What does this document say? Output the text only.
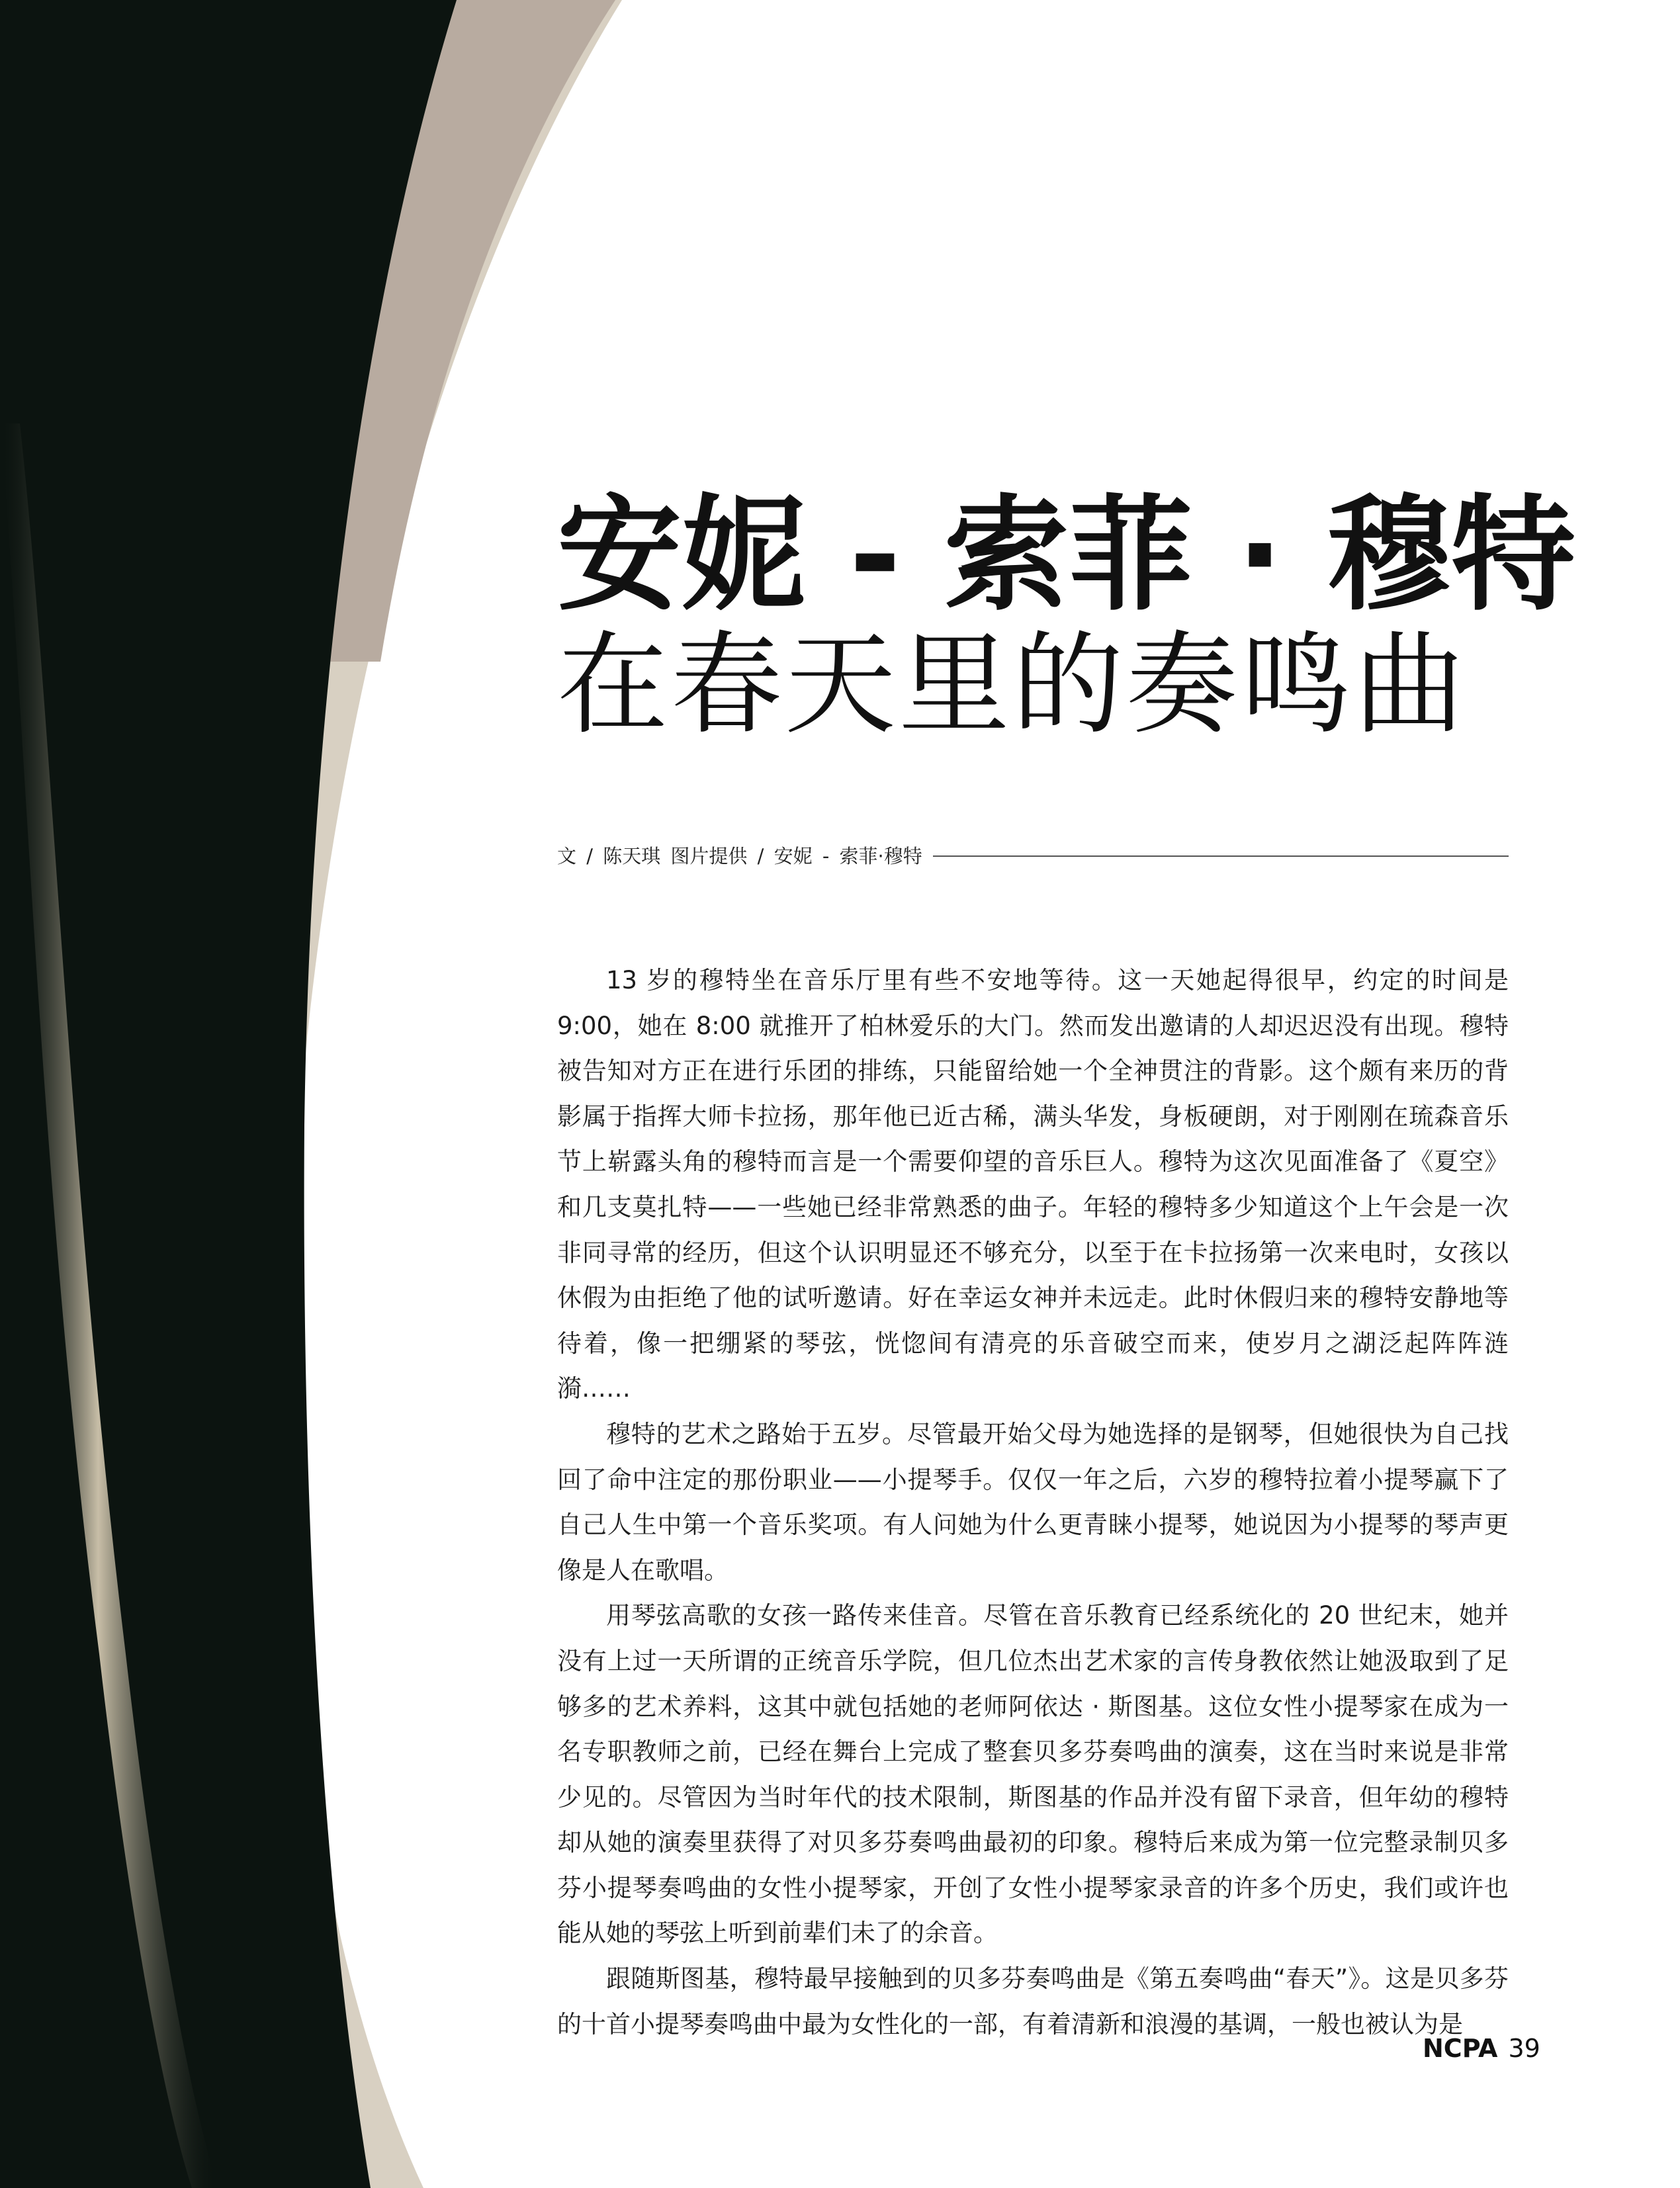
安妮 - 索菲 · 穆特
在春天里的奏鸣曲
文 / 陈天琪 图片提供 / 安妮 - 索菲·穆特

13 岁的穆特坐在音乐厅里有些不安地等待。这一天她起得很早，约定的时间是 9:00，她在 8:00 就推开了柏林爱乐的大门。然而发出邀请的人却迟迟没有出现。穆特被告知对方正在进行乐团的排练，只能留给她一个全神贯注的背影。这个颇有来历的背影属于指挥大师卡拉扬，那年他已近古稀，满头华发，身板硬朗，对于刚刚在琉森音乐节上崭露头角的穆特而言是一个需要仰望的音乐巨人。穆特为这次见面准备了《夏空》和几支莫扎特——一些她已经非常熟悉的曲子。年轻的穆特多少知道这个上午会是一次非同寻常的经历，但这个认识明显还不够充分，以至于在卡拉扬第一次来电时，女孩以休假为由拒绝了他的试听邀请。好在幸运女神并未远走。此时休假归来的穆特安静地等待着，像一把绷紧的琴弦，恍惚间有清亮的乐音破空而来，使岁月之湖泛起阵阵涟漪……

穆特的艺术之路始于五岁。尽管最开始父母为她选择的是钢琴，但她很快为自己找回了命中注定的那份职业——小提琴手。仅仅一年之后，六岁的穆特拉着小提琴赢下了自己人生中第一个音乐奖项。有人问她为什么更青睐小提琴，她说因为小提琴的琴声更像是人在歌唱。

用琴弦高歌的女孩一路传来佳音。尽管在音乐教育已经系统化的 20 世纪末，她并没有上过一天所谓的正统音乐学院，但几位杰出艺术家的言传身教依然让她汲取到了足够多的艺术养料，这其中就包括她的老师阿依达 · 斯图基。这位女性小提琴家在成为一名专职教师之前，已经在舞台上完成了整套贝多芬奏鸣曲的演奏，这在当时来说是非常少见的。尽管因为当时年代的技术限制，斯图基的作品并没有留下录音，但年幼的穆特却从她的演奏里获得了对贝多芬奏鸣曲最初的印象。穆特后来成为第一位完整录制贝多芬小提琴奏鸣曲的女性小提琴家，开创了女性小提琴家录音的许多个历史，我们或许也能从她的琴弦上听到前辈们未了的余音。

跟随斯图基，穆特最早接触到的贝多芬奏鸣曲是《第五奏鸣曲“春天”》。这是贝多芬的十首小提琴奏鸣曲中最为女性化的一部，有着清新和浪漫的基调，一般也被认为是

NCPA 39
